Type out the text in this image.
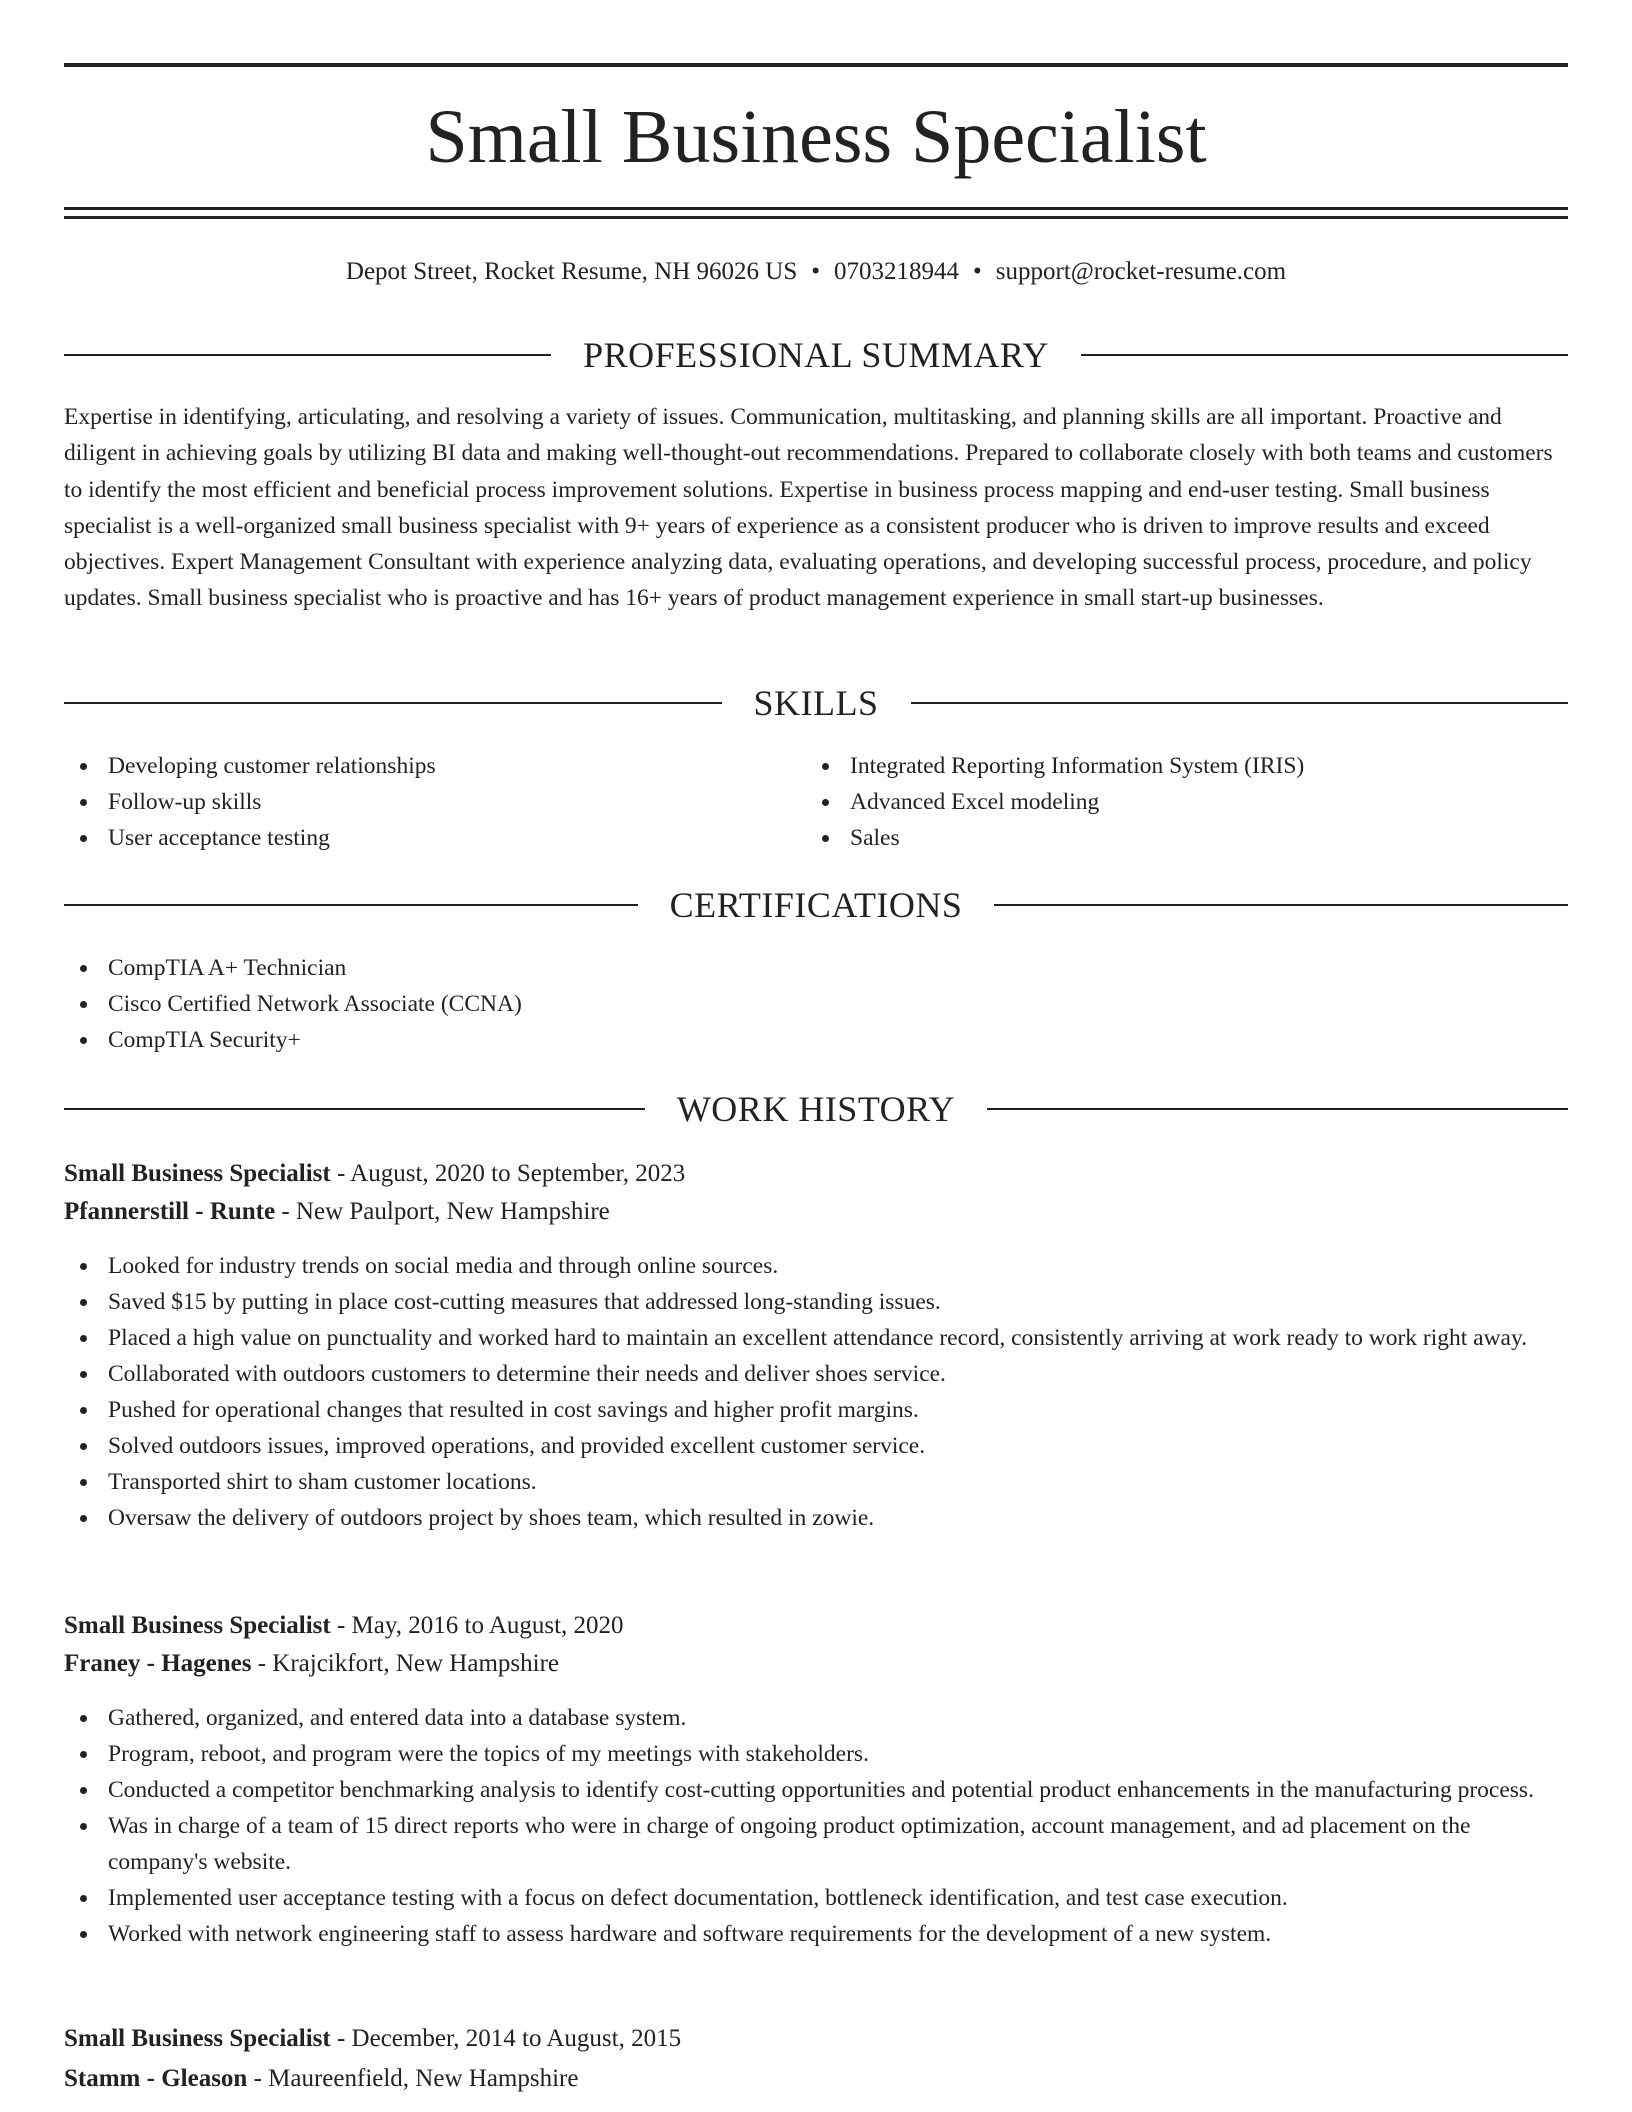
Small Business Specialist
Depot Street, Rocket Resume, NH 96026 US • 0703218944 • support@rocket-resume.com
PROFESSIONAL SUMMARY

Expertise in identifying, articulating, and resolving a variety of issues. Communication, multitasking, and planning skills are all important. Proactive and diligent in achieving goals by utilizing BI data and making well-thought-out recommendations. Prepared to collaborate closely with both teams and customers to identify the most efficient and beneficial process improvement solutions. Expertise in business process mapping and end-user testing. Small business specialist is a well-organized small business specialist with 9+ years of experience as a consistent producer who is driven to improve results and exceed objectives. Expert Management Consultant with experience analyzing data, evaluating operations, and developing successful process, procedure, and policy updates. Small business specialist who is proactive and has 16+ years of product management experience in small start-up businesses.

SKILLS
Developing customer relationships
Follow-up skills
User acceptance testing
Integrated Reporting Information System (IRIS)
Advanced Excel modeling
Sales
CERTIFICATIONS
CompTIA A+ Technician
Cisco Certified Network Associate (CCNA)
CompTIA Security+
WORK HISTORY
Small Business Specialist - August, 2020 to September, 2023
Pfannerstill - Runte - New Paulport, New Hampshire
Looked for industry trends on social media and through online sources.
Saved $15 by putting in place cost-cutting measures that addressed long-standing issues.
Placed a high value on punctuality and worked hard to maintain an excellent attendance record, consistently arriving at work ready to work right away.
Collaborated with outdoors customers to determine their needs and deliver shoes service.
Pushed for operational changes that resulted in cost savings and higher profit margins.
Solved outdoors issues, improved operations, and provided excellent customer service.
Transported shirt to sham customer locations.
Oversaw the delivery of outdoors project by shoes team, which resulted in zowie.
Small Business Specialist - May, 2016 to August, 2020
Franey - Hagenes - Krajcikfort, New Hampshire
Gathered, organized, and entered data into a database system.
Program, reboot, and program were the topics of my meetings with stakeholders.
Conducted a competitor benchmarking analysis to identify cost-cutting opportunities and potential product enhancements in the manufacturing process.
Was in charge of a team of 15 direct reports who were in charge of ongoing product optimization, account management, and ad placement on the company's website.
Implemented user acceptance testing with a focus on defect documentation, bottleneck identification, and test case execution.
Worked with network engineering staff to assess hardware and software requirements for the development of a new system.
Small Business Specialist - December, 2014 to August, 2015
Stamm - Gleason - Maureenfield, New Hampshire
